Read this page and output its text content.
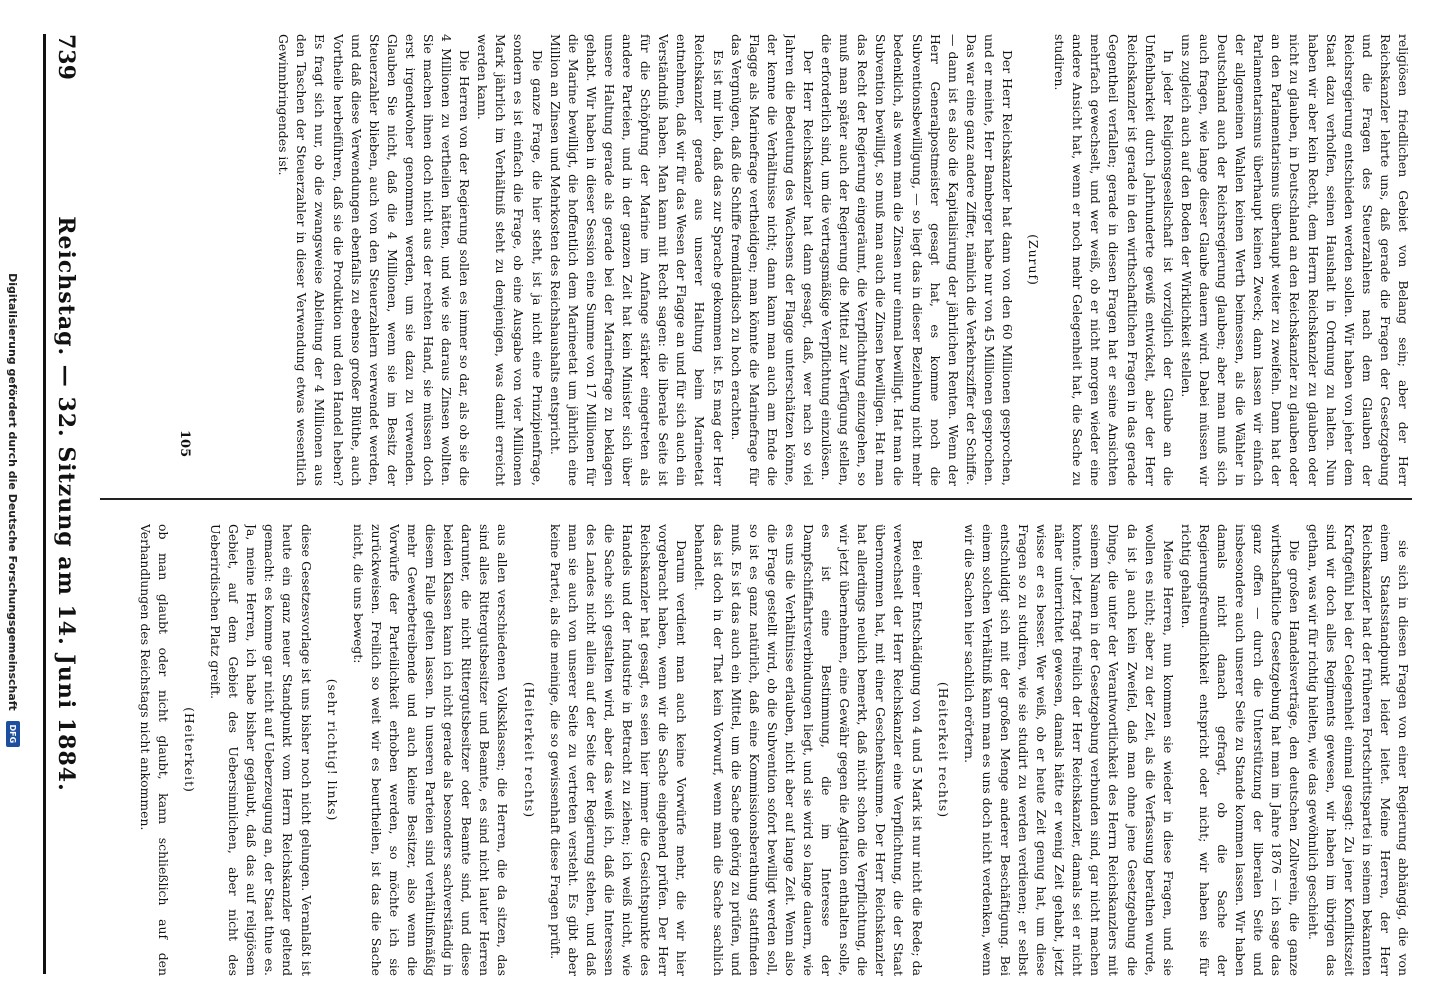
739
Reichstag. — 32. Sitzung am 14. Juni 1884.	sie sich in diesen Fragen von einer Regierung abhängig, die von einem Staatsstandpunkt leider leitet. Meine Herren, der Herr Reichskanzler hat der früheren Fortschrittspartei in seinem bekannten Kraftgefühl bei der Gelegenheit einmal gesagt: Zu jener Konfliktszeit sind wir doch alles Regiments gewesen, wir haben im übrigen das gethan, was wir für richtig hielten, wie das gewöhnlich geschieht.

Die großen Handelsverträge, den deutschen Zollverein, die ganze wirthschaftliche Gesetzgebung hat man im Jahre 1876 — ich sage das ganz offen — durch die Unterstützung der liberalen Seite und insbesondere auch unserer Seite zu Stande kommen lassen. Wir haben damals nicht danach gefragt, ob die Sache der Regierungsfreundlichkeit entspricht oder nicht; wir haben sie für richtig gehalten.

Meine Herren, nun kommen sie wieder in diese Fragen, und sie wollen es nicht; aber zu der Zeit, als die Verfassung berathen wurde, da ist ja auch kein Zweifel, daß man ohne jene Gesetzgebung die Dinge, die unter der Verantwortlichkeit des Herrn Reichskanzlers mit seinem Namen in der Gesetzgebung verbunden sind, gar nicht machen konnte. Jetzt fragt freilich der Herr Reichskanzler, damals sei er nicht näher unterrichtet gewesen, damals hätte er wenig Zeit gehabt, jetzt wisse er es besser. Wer weiß, ob er heute Zeit genug hat, um diese Fragen so zu studiren, wie sie studirt zu werden verdienen; er selbst entschuldigt sich mit der großen Menge anderer Beschäftigung. Bei einem solchen Verhältniß kann man es uns doch nicht verdenken, wenn wir die Sachen hier sachlich erörtern.

(Heiterkeit rechts)

Bei einer Entschädigung von 4 und 5 Mark ist nur nicht die Rede; da verwechselt der Herr Reichskanzler eine Verpflichtung, die der Staat übernommen hat, mit einer Geschenksumme. Der Herr Reichskanzler hat allerdings neulich bemerkt, daß nicht schon die Verpflichtung, die wir jetzt übernehmen, eine Gewähr gegen die Agitation enthalten solle, es ist eine Bestimmung, die im Interesse der Dampfschiffahrtsverbindungen liegt, und sie wird so lange dauern, wie es uns die Verhältnisse erlauben, nicht aber auf lange Zeit. Wenn also die Frage gestellt wird, ob die Subvention sofort bewilligt werden soll, so ist es ganz natürlich, daß eine Kommissionsberathung stattfinden muß. Es ist das auch ein Mittel, um die Sache gehörig zu prüfen, und das ist doch in der That kein Vorwurf, wenn man die Sache sachlich behandelt.

Darum verdient man auch keine Vorwürfe mehr, die wir hier vorgebracht haben, wenn wir die Sache eingehend prüfen. Der Herr Reichskanzler hat gesagt, es seien hier immer die Gesichtspunkte des Handels und der Industrie in Betracht zu ziehen; ich weiß nicht, wie die Sache sich gestalten wird, aber das weiß ich, daß die Interessen des Landes nicht allein auf der Seite der Regierung stehen, und daß man sie auch von unserer Seite zu vertreten versteht. Es gibt aber keine Partei, als die meinige, die so gewissenhaft diese Fragen prüft.

(Heiterkeit rechts)

aus allen verschiedenen Volksklassen; die Herren, die da sitzen, das sind alles Rittergutsbesitzer und Beamte, es sind nicht lauter Herren darunter, die nicht Rittergutsbesitzer oder Beamte sind, und diese beiden Klassen kann ich nicht gerade als besonders sachverständig in diesem Falle gelten lassen. In unseren Parteien sind verhältnißmäßig mehr Gewerbetreibende und auch kleine Besitzer, also wenn die Vorwürfe der Parteilichkeit erhoben werden, so möchte ich sie zurückweisen. Freilich so weit wir es beurtheilen, ist das die Sache nicht, die uns bewegt:

(sehr richtig! links)

diese Gesetzesvorlage ist uns bisher noch nicht gelungen. Veranlaßt ist heute ein ganz neuer Standpunkt vom Herrn Reichskanzler geltend gemacht: es komme gar nicht auf Ueberzeugung an, der Staat thue es. Ja, meine Herren, ich habe bisher geglaubt, daß das auf religiösem Gebiet, auf dem Gebiet des Uebersinnlichen, aber nicht des Ueberirdischen Platz greift.

(Heiterkeit)

ob man glaubt oder nicht glaubt, kann schließlich auf den Verhandlungen des Reichstags nicht ankommen.

religiösen friedlichen Gebiet von Belang sein; aber der Herr Reichskanzler lehrte uns, daß gerade die Fragen der Gesetzgebung und die Fragen des Steuerzahlens nach dem Glauben der Reichsregierung entschieden werden sollen. Wir haben von jeher dem Staat dazu verholfen, seinen Haushalt in Ordnung zu halten. Nun haben wir aber kein Recht, dem Herrn Reichskanzler zu glauben oder nicht zu glauben, in Deutschland an den Reichskanzler zu glauben oder an den Parlamentarismus überhaupt weiter zu zweifeln. Dann hat der Parlamentarismus überhaupt keinen Zweck; dann lassen wir einfach der allgemeinen Wahlen keinen Werth beimessen, als die Wähler in Deutschland auch der Reichsregierung glauben; aber man muß sich auch fragen, wie lange dieser Glaube dauern wird. Dabei müssen wir uns zugleich auch auf den Boden der Wirklichkeit stellen.

In jeder Religionsgesellschaft ist vorzüglich der Glaube an die Unfehlbarkeit durch Jahrhunderte gewiß entwickelt, aber der Herr Reichskanzler ist gerade in den wirthschaftlichen Fragen in das gerade Gegentheil verfallen; gerade in diesen Fragen hat er seine Ansichten mehrfach gewechselt, und wer weiß, ob er nicht morgen wieder eine andere Ansicht hat, wenn er noch mehr Gelegenheit hat, die Sache zu studiren.

(Zuruf)

Der Herr Reichskanzler hat dann von den 60 Millionen gesprochen, und er meinte, Herr Bamberger habe nur von 45 Millionen gesprochen. Das war eine ganz andere Ziffer, nämlich die Verkehrsziffer der Schiffe.

— dann ist es also die Kapitalisirung der jährlichen Renten. Wenn der Herr Generalpostmeister gesagt hat, es komme noch die Subventionsbewilligung, — so liegt das in dieser Beziehung nicht mehr bedenklich, als wenn man die Zinsen nur einmal bewilligt. Hat man die Subvention bewilligt, so muß man auch die Zinsen bewilligen. Hat man das Recht der Regierung eingeräumt, die Verpflichtung einzugehen, so muß man später auch der Regierung die Mittel zur Verfügung stellen, die erforderlich sind, um die vertragsmäßige Verpflichtung einzulösen.

Der Herr Reichskanzler hat dann gesagt, daß, wer nach so viel Jahren die Bedeutung des Wachsens der Flagge unterschätzen könne, der kenne die Verhältnisse nicht; dann kann man auch am Ende die Flagge als Marinefrage vertheidigen; man könnte die Marinefrage für das Vergnügen, daß die Schiffe fremdländisch zu hoch erachten.

Es ist mir lieb, daß das zur Sprache gekommen ist. Es mag der Herr Reichskanzler gerade aus unserer Haltung beim Marineetat entnehmen, daß wir für das Wesen der Flagge an und für sich auch ein Verständniß haben. Man kann mit Recht sagen: die liberale Seite ist für die Schöpfung der Marine im Anfange stärker eingetreten als andere Parteien, und in der ganzen Zeit hat kein Minister sich über unsere Haltung gerade als gerade bei der Marinefrage zu beklagen gehabt. Wir haben in dieser Session eine Summe von 17 Millionen für die Marine bewilligt, die hoffentlich dem Marineetat um jährlich eine Million an Zinsen und Mehrkosten des Reichshaushalts entspricht.

Die ganze Frage, die hier steht, ist ja nicht eine Prinzipienfrage, sondern es ist einfach die Frage, ob eine Ausgabe von vier Millionen Mark jährlich im Verhältniß steht zu demjenigen, was damit erreicht werden kann.

Die Herren von der Regierung sollen es immer so dar, als ob sie die 4 Millionen zu vertheilen hätten, und wie sie daraus Zinsen wollten. Sie machen ihnen doch nicht aus der rechten Hand, sie müssen doch erst irgendwoher genommen werden, um sie dazu zu verwenden. Glauben Sie nicht, daß die 4 Millionen, wenn sie im Besitz der Steuerzahler blieben, auch von den Steuerzahlern verwendet werden, und daß diese Verwendungen ebenfalls zu ebenso großer Blüthe, auch Vortheile herbeiführen, daß sie die Produktion und den Handel heben? Es fragt sich nur, ob die zwangsweise Ableitung der 4 Millionen aus den Taschen der Steuerzahler in dieser Verwendung etwas wesentlich Gewinnbringendes ist.

105
Digitalisierung gefördert durch die Deutsche Forschungsgemeinschaft
DFG
